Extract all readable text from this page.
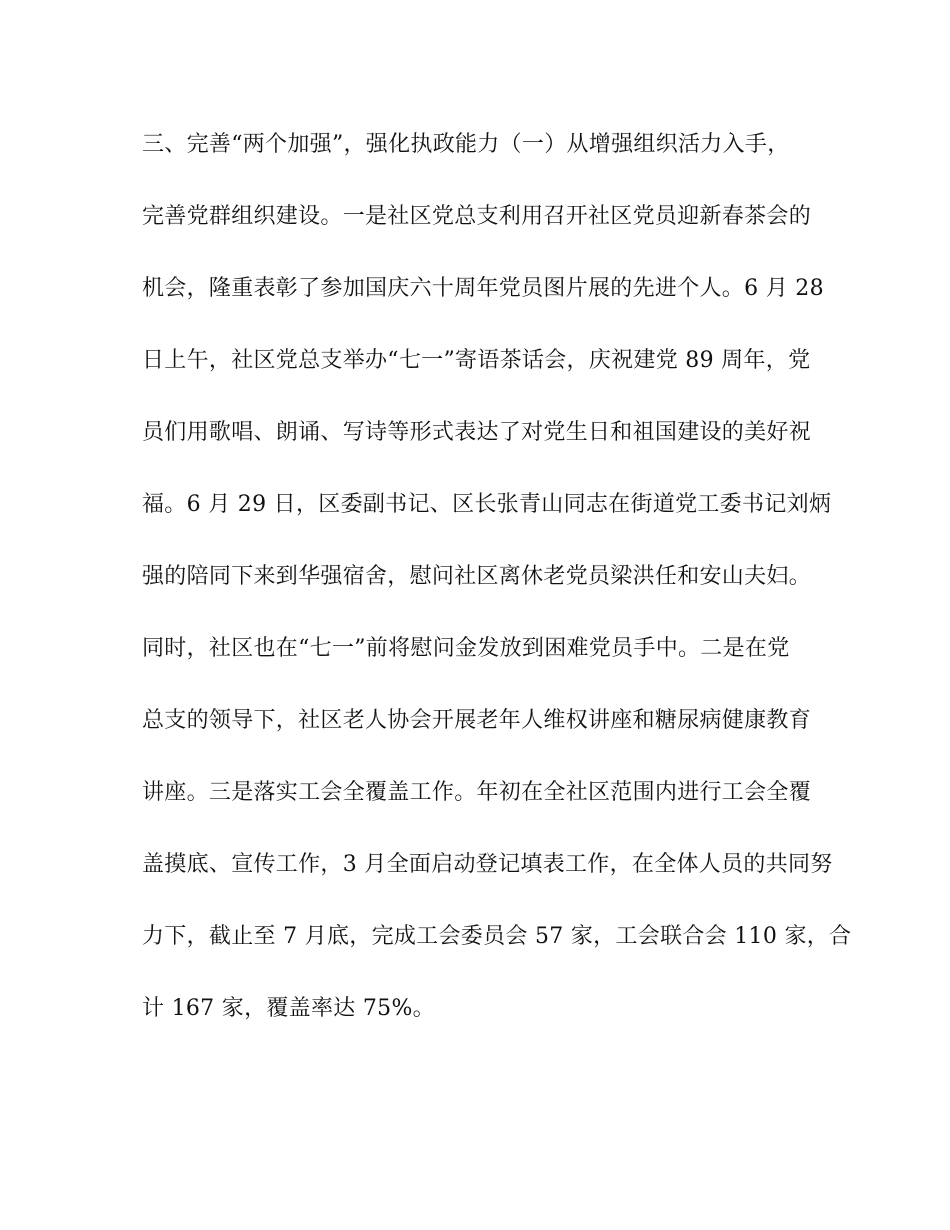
三、完善“两个加强”，强化执政能力（一）从增强组织活力入手，
完善党群组织建设。一是社区党总支利用召开社区党员迎新春茶会的
机会，隆重表彰了参加国庆六十周年党员图片展的先进个人。6 月 28
日上午，社区党总支举办“七一”寄语茶话会，庆祝建党 89 周年，党
员们用歌唱、朗诵、写诗等形式表达了对党生日和祖国建设的美好祝
福。6 月 29 日，区委副书记、区长张青山同志在街道党工委书记刘炳
强的陪同下来到华强宿舍，慰问社区离休老党员梁洪任和安山夫妇。
同时，社区也在“七一”前将慰问金发放到困难党员手中。二是在党
总支的领导下，社区老人协会开展老年人维权讲座和糖尿病健康教育
讲座。三是落实工会全覆盖工作。年初在全社区范围内进行工会全覆
盖摸底、宣传工作，3 月全面启动登记填表工作，在全体人员的共同努
力下，截止至 7 月底，完成工会委员会 57 家，工会联合会 110 家，合
计 167 家，覆盖率达 75%。
